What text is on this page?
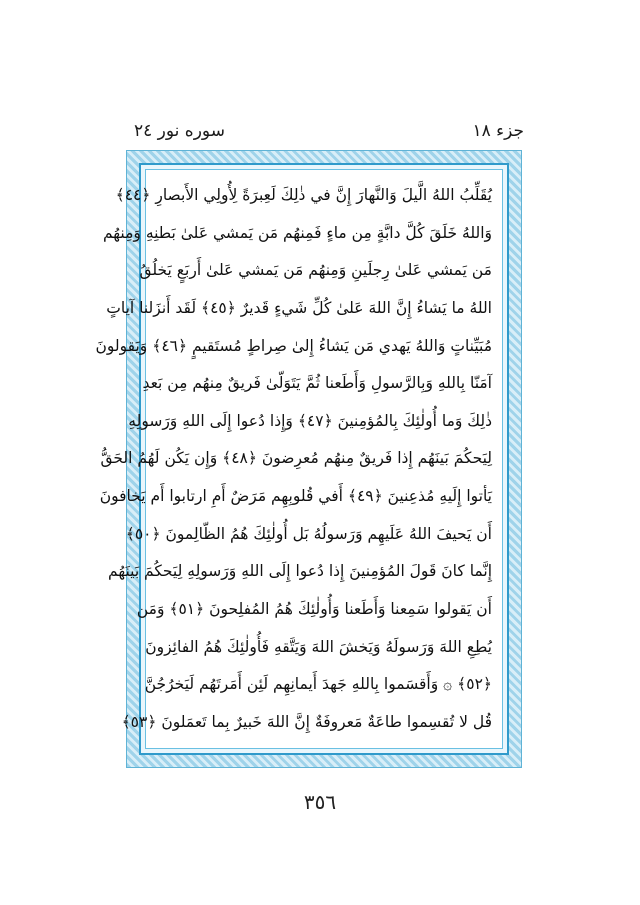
جزء ١٨
سوره نور ٢٤
يُقَلِّبُ اللهُ الَّيلَ وَالنَّهارَ إِنَّ في ذٰلِكَ لَعِبرَةً لِأُولِي الأَبصارِ ﴿٤٤﴾
وَاللهُ خَلَقَ كُلَّ دابَّةٍ مِن ماءٍ فَمِنهُم مَن يَمشي عَلىٰ بَطنِهِ وَمِنهُم
مَن يَمشي عَلىٰ رِجلَينِ وَمِنهُم مَن يَمشي عَلىٰ أَربَعٍ يَخلُقُ
اللهُ ما يَشاءُ إِنَّ اللهَ عَلىٰ كُلِّ شَيءٍ قَديرٌ ﴿٤٥﴾ لَقَد أَنزَلنا آياتٍ
مُبَيِّناتٍ وَاللهُ يَهدي مَن يَشاءُ إِلىٰ صِراطٍ مُستَقيمٍ ﴿٤٦﴾ وَيَقولونَ
آمَنّا بِاللهِ وَبِالرَّسولِ وَأَطَعنا ثُمَّ يَتَوَلّىٰ فَريقٌ مِنهُم مِن بَعدِ
ذٰلِكَ وَما أُولٰئِكَ بِالمُؤمِنينَ ﴿٤٧﴾ وَإِذا دُعوا إِلَى اللهِ وَرَسولِهِ
لِيَحكُمَ بَينَهُم إِذا فَريقٌ مِنهُم مُعرِضونَ ﴿٤٨﴾ وَإِن يَكُن لَهُمُ الحَقُّ
يَأتوا إِلَيهِ مُذعِنينَ ﴿٤٩﴾ أَفي قُلوبِهِم مَرَضٌ أَمِ ارتابوا أَم يَخافونَ
أَن يَحيفَ اللهُ عَلَيهِم وَرَسولُهُ بَل أُولٰئِكَ هُمُ الظّالِمونَ ﴿٥٠﴾
إِنَّما كانَ قَولَ المُؤمِنينَ إِذا دُعوا إِلَى اللهِ وَرَسولِهِ لِيَحكُمَ بَينَهُم
أَن يَقولوا سَمِعنا وَأَطَعنا وَأُولٰئِكَ هُمُ المُفلِحونَ ﴿٥١﴾ وَمَن
يُطِعِ اللهَ وَرَسولَهُ وَيَخشَ اللهَ وَيَتَّقهِ فَأُولٰئِكَ هُمُ الفائِزونَ
﴿٥٢﴾ ۞ وَأَقسَموا بِاللهِ جَهدَ أَيمانِهِم لَئِن أَمَرتَهُم لَيَخرُجُنَّ
قُل لا تُقسِموا طاعَةٌ مَعروفَةٌ إِنَّ اللهَ خَبيرٌ بِما تَعمَلونَ ﴿٥٣﴾
٣٥٦
